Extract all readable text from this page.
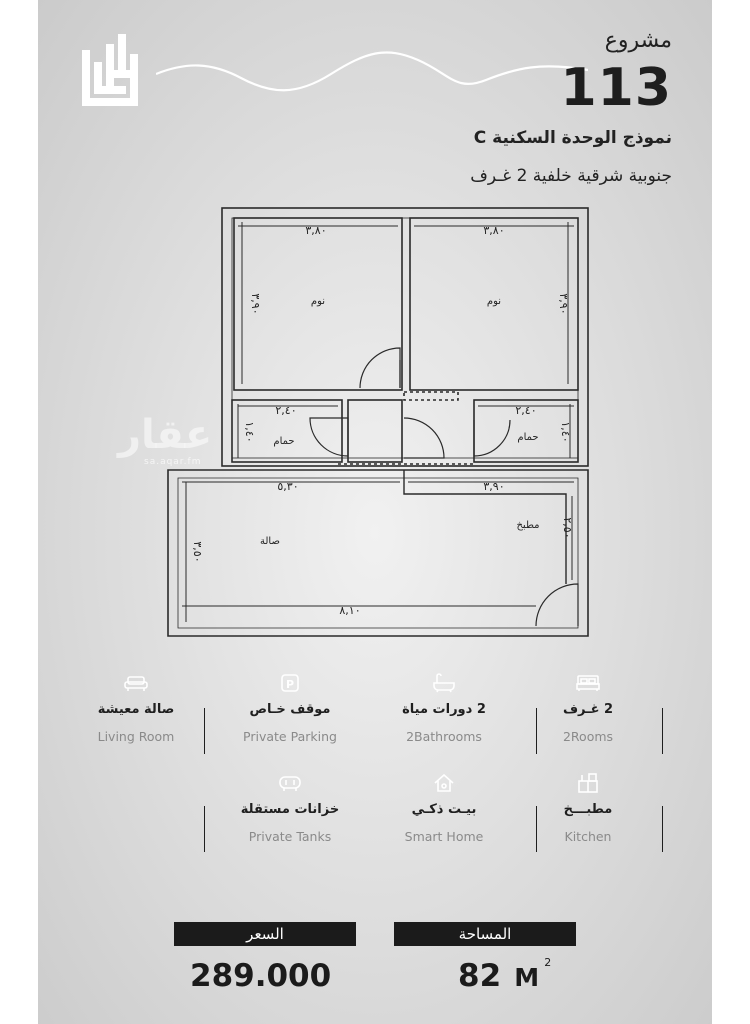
مشروع
113
نموذج الوحدة السكنية C
جنوبية شرقية خلفية 2 غـرف
نوم	نوم
حمام	حمام
صالة
مطبخ
٣,٨٠	٣,٨٠
٣,٩٠	٣,٩٠
٢,٤٠	٢,٤٠
١,٤٠	١,٤٠
٥,٣٠	٣,٩٠
٣,٥٠
٢,٥٠
٨,١٠
عقار
sa.aqar.fm
صالة معيشة
Living Room
P
موقف خـاص
Private Parking
2 دورات مياة
2Bathrooms
2 غـرف
2Rooms
خزانات مستقلة
Private Tanks
بيـت ذكـي
Smart Home
مطبـــخ
Kitchen
السعر	المساحة
289.000	82 M $^2$
